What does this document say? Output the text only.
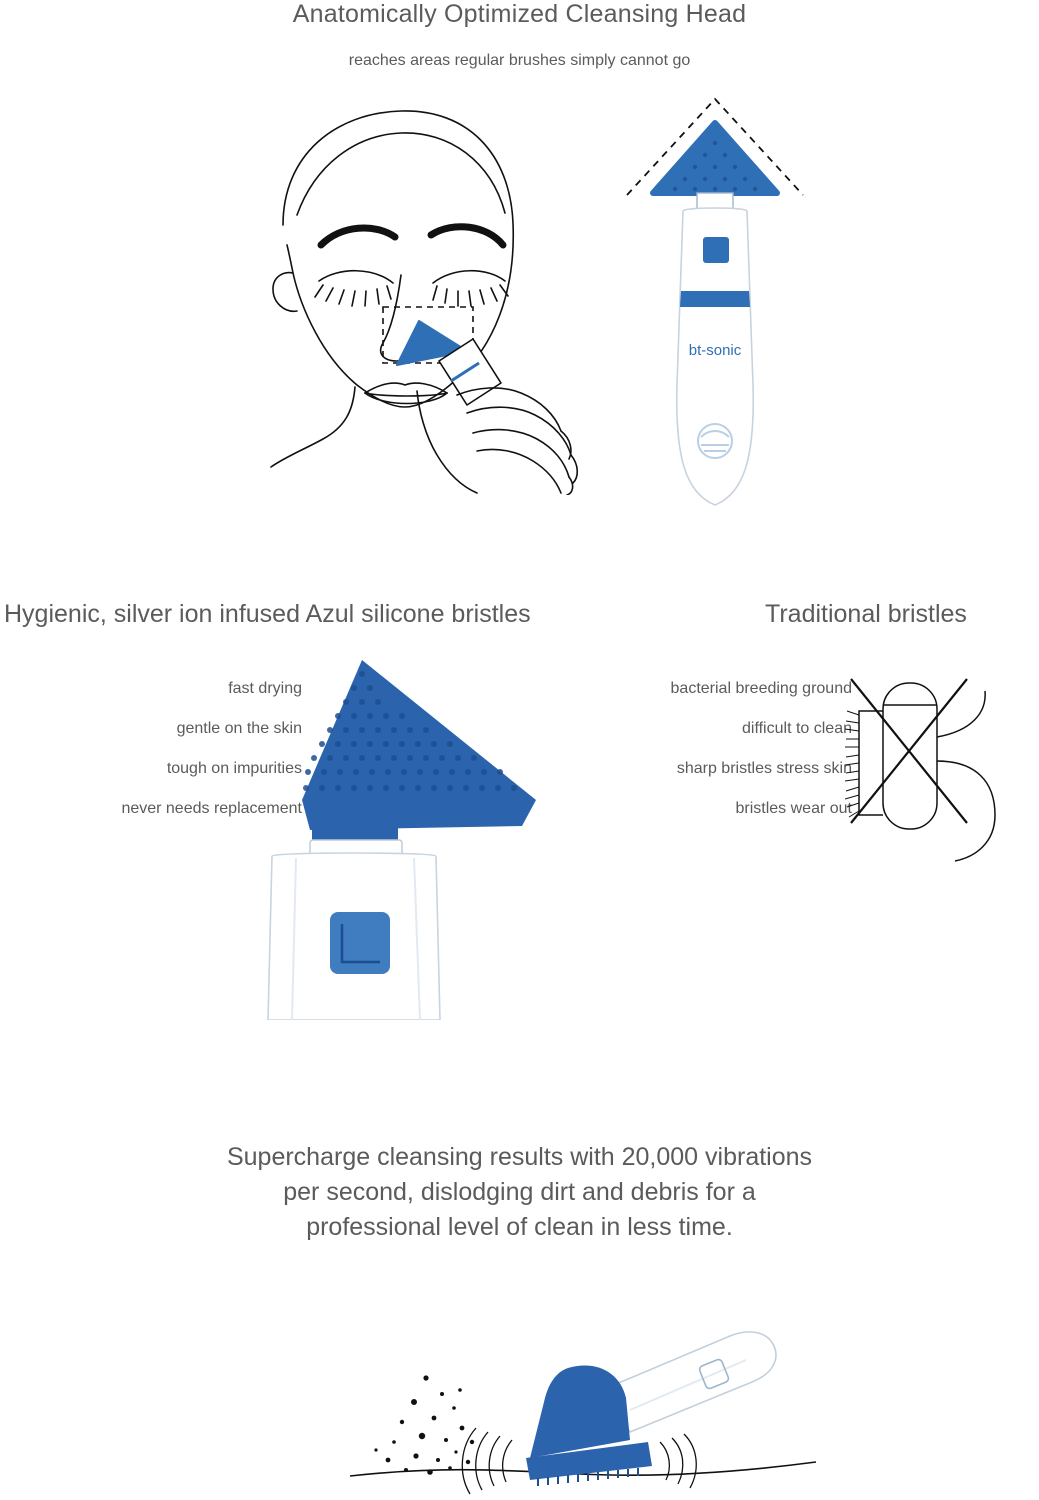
Anatomically Optimized Cleansing Head
reaches areas regular brushes simply cannot go
bt-sonic
Hygienic, silver ion infused Azul silicone bristles	Traditional bristles
fast drying
gentle on the skin
tough on impurities
never needs replacement
bacterial breeding ground
difficult to clean
sharp bristles stress skin
bristles wear out
Supercharge cleansing results with 20,000 vibrations
per second, dislodging dirt and debris for a
professional level of clean in less time.
